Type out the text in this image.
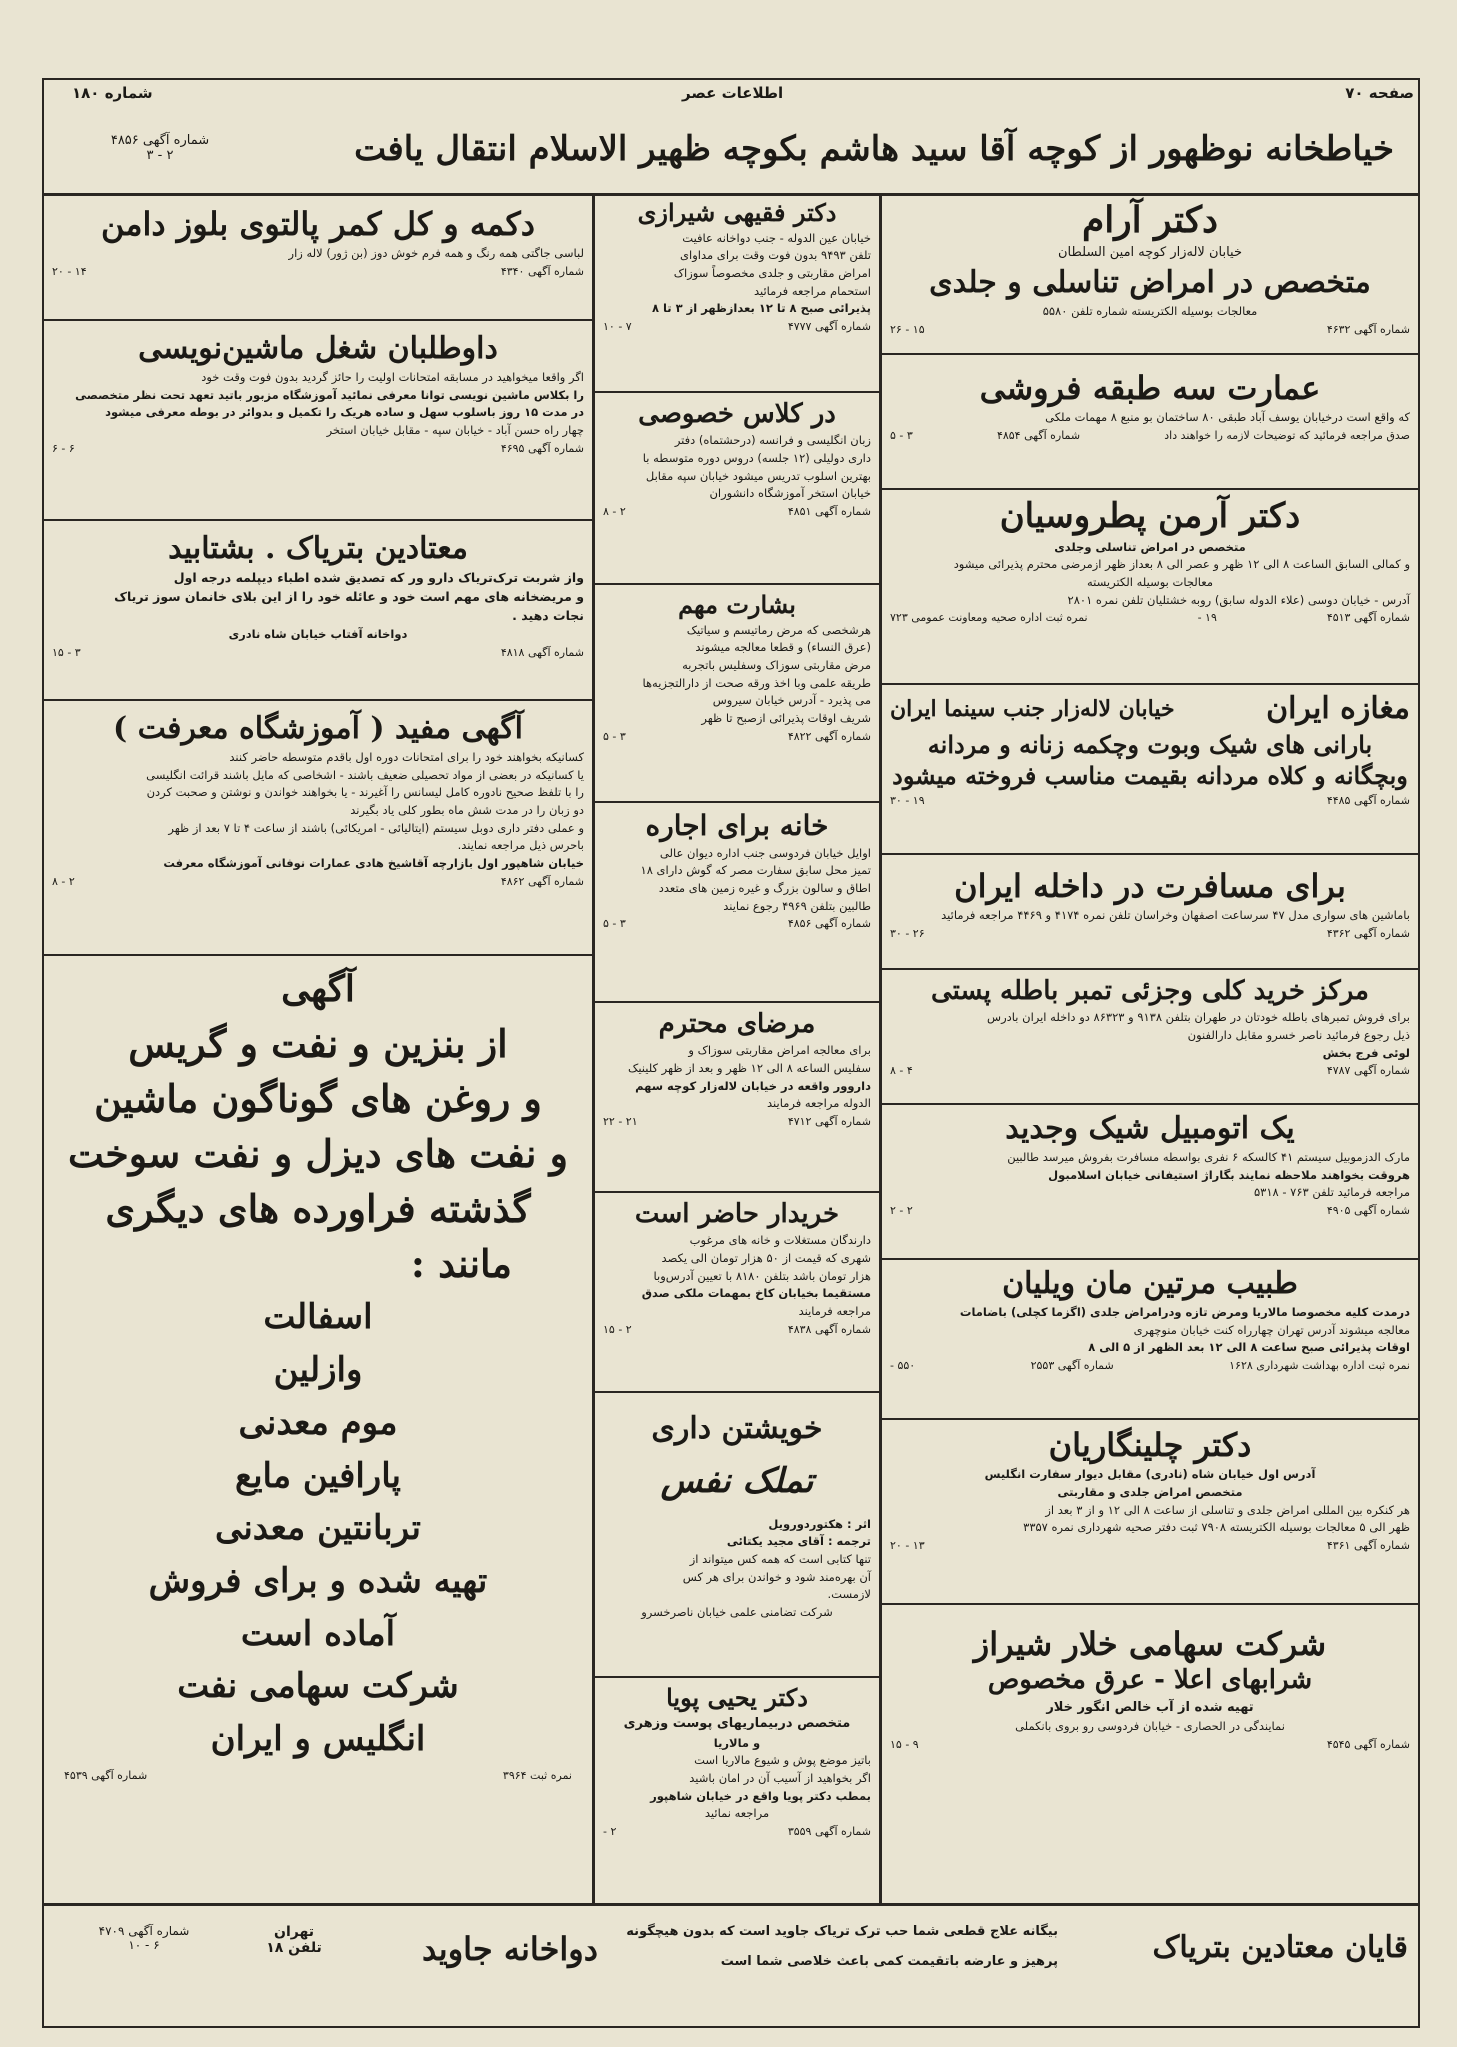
صفحه ۷۰
اطلاعات عصر
شماره ۱۸۰
خیاطخانه نوظهور از کوچه آقا سید هاشم بکوچه ظهیر الاسلام انتقال یافت
شماره آگهی ۴۸۵۶
۲ - ۳
دکتر آرام
خیابان لاله‌زار کوچه امین السلطان
متخصص در امراض تناسلی و جلدی
معالجات بوسیله الکتریسته شماره تلفن ۵۵۸۰
شماره آگهی ۴۶۳۲
۱۵ - ۲۶
عمارت سه طبقه فروشی
که واقع است درخیابان یوسف آباد طبقی ۸۰ ساختمان بو منبع ۸ مهمات ملکی
صدق مراجعه فرمائید که توضیحات لازمه را خواهند داد
شماره آگهی ۴۸۵۴
۳ - ۵
دکتر آرمن پطروسیان
متخصص در امراض تناسلی وجلدی
و کمالی السابق الساعت ۸ الی ۱۲ ظهر و عصر الی ۸ بعداز ظهر ازمرضی محترم پذیرائی میشود
معالجات بوسیله الکتریسته
آدرس - خیابان دوسی (علاء الدوله سابق) روبه خشتلیان تلفن نمره ۲۸۰۱
شماره آگهی ۴۵۱۳
۱۹ -
نمره ثبت اداره صحیه ومعاونت عمومی ۷۲۳
مغازه ایران
خیابان لاله‌زار جنب سینما ایران
بارانی های شیک وبوت وچکمه زنانه و مردانه
وبچگانه و کلاه مردانه بقیمت مناسب فروخته میشود
شماره آگهی ۴۴۸۵
۱۹ - ۳۰
برای مسافرت در داخله ایران
باماشین های سواری مدل ۴۷ سرساعت اصفهان وخراسان تلفن نمره ۴۱۷۴ و ۴۴۶۹ مراجعه فرمائید
شماره آگهی ۴۳۶۲
۲۶ - ۳۰
مرکز خرید کلی وجزئی تمبر باطله پستی
برای فروش تمبرهای باطله خودتان در طهران بتلفن ۹۱۳۸ و ۸۶۳۲۳ دو داخله ایران بادرس
ذیل رجوع فرمائید ناصر خسرو مقابل دارالفنون
لوئی فرج بخش
شماره آگهی ۴۷۸۷
۴ - ۸
یک اتومبیل شیک وجدید
مارک الدزموبیل سیستم ۴۱ کالسکه ۶ نفری بواسطه مسافرت بفروش میرسد طالبین
هروقت بخواهند ملاحظه نمایند بگاراژ استیفانی خیابان اسلامبول
مراجعه فرمائید تلفن ۷۶۳ - ۵۳۱۸
شماره آگهی ۴۹۰۵
۲ - ۲
طبیب مرتین مان ویلیان
درمدت کلیه مخصوصا مالاریا ومرض تازه ودرامراض جلدی (اگزما کچلی) باضامات
معالجه میشوند آدرس تهران چهارراه کنت خیابان منوچهری
اوقات پذیرائی صبح ساعت ۸ الی ۱۲ بعد الظهر از ۵ الی ۸
نمره ثبت اداره بهداشت شهرداری ۱۶۲۸
شماره آگهی ۲۵۵۳
۵۵۰ -
دکتر چلینگاریان
آدرس اول خیابان شاه (نادری) مقابل دیوار سفارت انگلیس
متخصص امراض جلدی و مقاربتی
هر کنکره بین المللی امراض جلدی و تناسلی از ساعت ۸ الی ۱۲ و از ۳ بعد از
ظهر الی ۵ معالجات بوسیله الکتریسته ۷۹۰۸ ثبت دفتر صحیه شهرداری نمره ۳۳۵۷
شماره آگهی ۴۳۶۱
۱۳ - ۲۰
شرکت سهامی خلار شیراز
شرابهای اعلا - عرق مخصوص
تهیه شده از آب خالص انگور خلار
نمایندگی در الحصاری - خیابان فردوسی رو بروی بانکملی
شماره آگهی ۴۵۴۵
۹ - ۱۵
دکتر فقیهی شیرازی
خیابان عین الدوله - جنب دواخانه عافیت
تلفن ۹۴۹۳ بدون فوت وقت برای مداوای
امراض مقاربتی و جلدی مخصوصاً سوزاک
استحمام مراجعه فرمائید
پذیرائی صبح ۸ تا ۱۲ بعدازظهر از ۳ تا ۸
شماره آگهی ۴۷۷۷
۷ - ۱۰
در کلاس خصوصی
زبان انگلیسی و فرانسه (درحشتماه) دفتر
داری دولیلی (۱۲ جلسه) دروس دوره متوسطه با
بهترین اسلوب تدریس میشود خیابان سپه مقابل
خیابان استخر آموزشگاه دانشوران
شماره آگهی ۴۸۵۱
۲ - ۸
بشارت مهم
هرشخصی که مرض رماتیسم و سیاتیک
(عرق النساء) و قطعا معالجه میشوند
مرض مقاربتی سوزاک وسفلیس باتجربه
طریقه علمی وبا اخذ ورقه صحت از دارالتجزیه‌ها
می پذیرد - آدرس خیابان سیروس
شریف اوقات پذیرائی ازصبح تا ظهر
شماره آگهی ۴۸۲۲
۳ - ۵
خانه برای اجاره
اوایل خیابان فردوسی جنب اداره دیوان عالی
تمیز محل سابق سفارت مصر که گوش دارای ۱۸
اطاق و سالون بزرگ و غیره زمین های متعدد
طالبین بتلفن ۴۹۶۹ رجوع نمایند
شماره آگهی ۴۸۵۶
۳ - ۵
مرضای محترم
برای معالجه امراض مقاربتی سوزاک و
سفلیس الساعه ۸ الی ۱۲ ظهر و بعد از ظهر کلینیک
داروور واقعه در خیابان لاله‌زار کوچه سهم
الدوله مراجعه فرمایند
شماره آگهی ۴۷۱۲
۲۱ - ۲۲
خریدار حاضر است
دارندگان مستغلات و خانه های مرغوب
شهری که قیمت از ۵۰ هزار تومان الی یکصد
هزار تومان باشد بتلفن ۸۱۸۰ با تعیین آدرس‌وبا
مستقیما بخیابان کاخ بمهمات ملکی صدق
مراجعه فرمایند
شماره آگهی ۴۸۳۸
۲ - ۱۵
خویشتن داری
تملک نفس
اثر : هکتوردورویل
ترجمه : آقای مجید یکتائی
تنها کتابی است که همه کس میتواند از
آن بهره‌مند شود و خواندن برای هر کس
لازمست.
شرکت تضامنی علمی خیابان ناصرخسرو
دکتر یحیی پویا
متخصص دربیماریهای پوست وزهری
و مالاریا
باتیز موضع پوش و شیوع مالاریا است
اگر بخواهید از آسیب آن در امان باشید
بمطب دکتر پویا واقع در خیابان شاهپور
مراجعه نمائید
شماره آگهی ۳۵۵۹
۲ -
دکمه و کل کمر پالتوی بلوز دامن
لباسی جاگتی همه رنگ و همه فرم خوش دوز (بن ژور) لاله زار
شماره آگهی ۴۳۴۰
۱۴ - ۲۰
داوطلبان شغل ماشین‌نویسی
اگر واقعا میخواهید در مسابقه امتحانات اولیت را حائز گردید بدون فوت وقت خود
را بکلاس ماشین نویسی توانا معرفی نمائید آموزشگاه مزبور باتید تعهد تحت نظر متخصصی
در مدت ۱۵ روز باسلوب سهل و ساده هریک را تکمیل و بدوائر در بوطه معرفی میشود
چهار راه حسن آباد - خیابان سپه - مقابل خیابان استخر
شماره آگهی ۴۶۹۵
۶ - ۶
معتادین بتریاک . بشتابید
واز شربت ترک‌تریاک دارو ور که تصدیق شده اطباء دیپلمه درجه اول
و مریضخانه های مهم است خود و عائله خود را از این بلای خانمان سوز تریاک
نجات دهید .
دواخانه آفتاب خیابان شاه نادری
شماره آگهی ۴۸۱۸
۳ - ۱۵
آگهی مفید ( آموزشگاه معرفت )
کسانیکه بخواهند خود را برای امتحانات دوره اول باقدم متوسطه حاضر کنند
یا کسانیکه در بعضی از مواد تحصیلی ضعیف باشند - اشخاصی که مایل باشند قرائت انگلیسی
را با تلفظ صحیح نادوره کامل لیسانس را آغیرند - یا بخواهند خواندن و نوشتن و صحبت کردن
دو زبان را در مدت شش ماه بطور کلی یاد بگیرند
و عملی دفتر داری دوبل سیستم (ایتالیائی - امریکائی) باشند از ساعت ۴ تا ۷ بعد از ظهر
باحرس ذیل مراجعه نمایند.
خیابان شاهپور اول بازارچه آقاشیخ هادی عمارات نوفانی آموزشگاه معرفت
شماره آگهی ۴۸۶۲
۲ - ۸
آگهی
از بنزین و نفت و گریس
و روغن های گوناگون ماشین
و نفت های دیزل و نفت سوخت
گذشته فراورده های دیگری
مانند :
اسفالت
وازلین
موم معدنی
پارافین مایع
تربانتین معدنی
تهیه شده و برای فروش
آماده است
شرکت سهامی نفت
انگلیس و ایران
نمره ثبت ۳۹۶۴
شماره آگهی ۴۵۳۹
قایان معتادین بتریاک
بیگانه علاج قطعی شما حب ترک تریاک جاوید است که بدون هیچگونه
پرهیز و عارضه باتقیمت کمی باعث خلاصی شما است
دواخانه جاوید
تهران
تلفن ۱۸
شماره آگهی ۴۷۰۹
۶ - ۱۰
